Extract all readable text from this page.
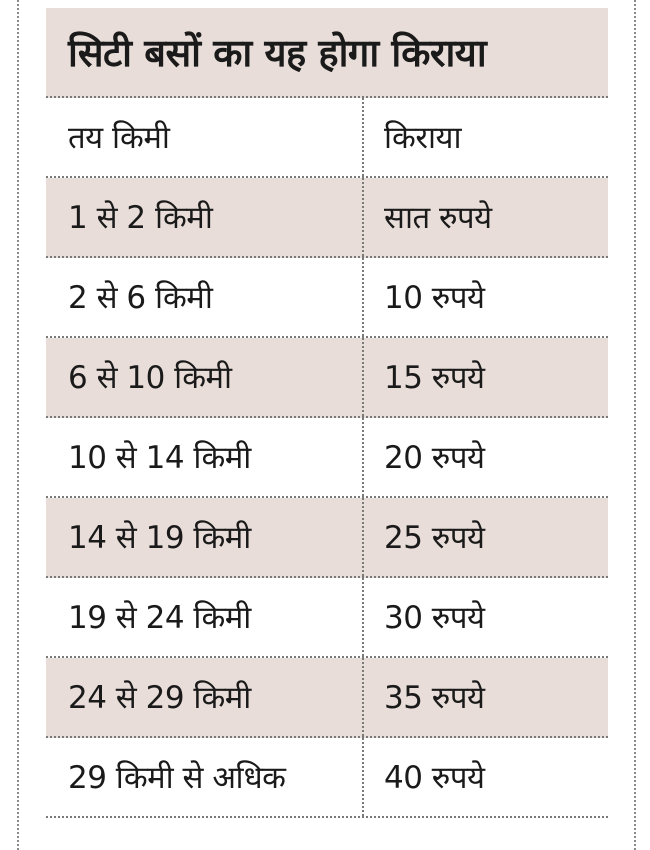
सिटी बसों का यह होगा किराया
तय किमी	किराया
1 से 2 किमी	सात रुपये
2 से 6 किमी	10 रुपये
6 से 10 किमी	15 रुपये
10 से 14 किमी	20 रुपये
14 से 19 किमी	25 रुपये
19 से 24 किमी	30 रुपये
24 से 29 किमी	35 रुपये
29 किमी से अधिक	40 रुपये
